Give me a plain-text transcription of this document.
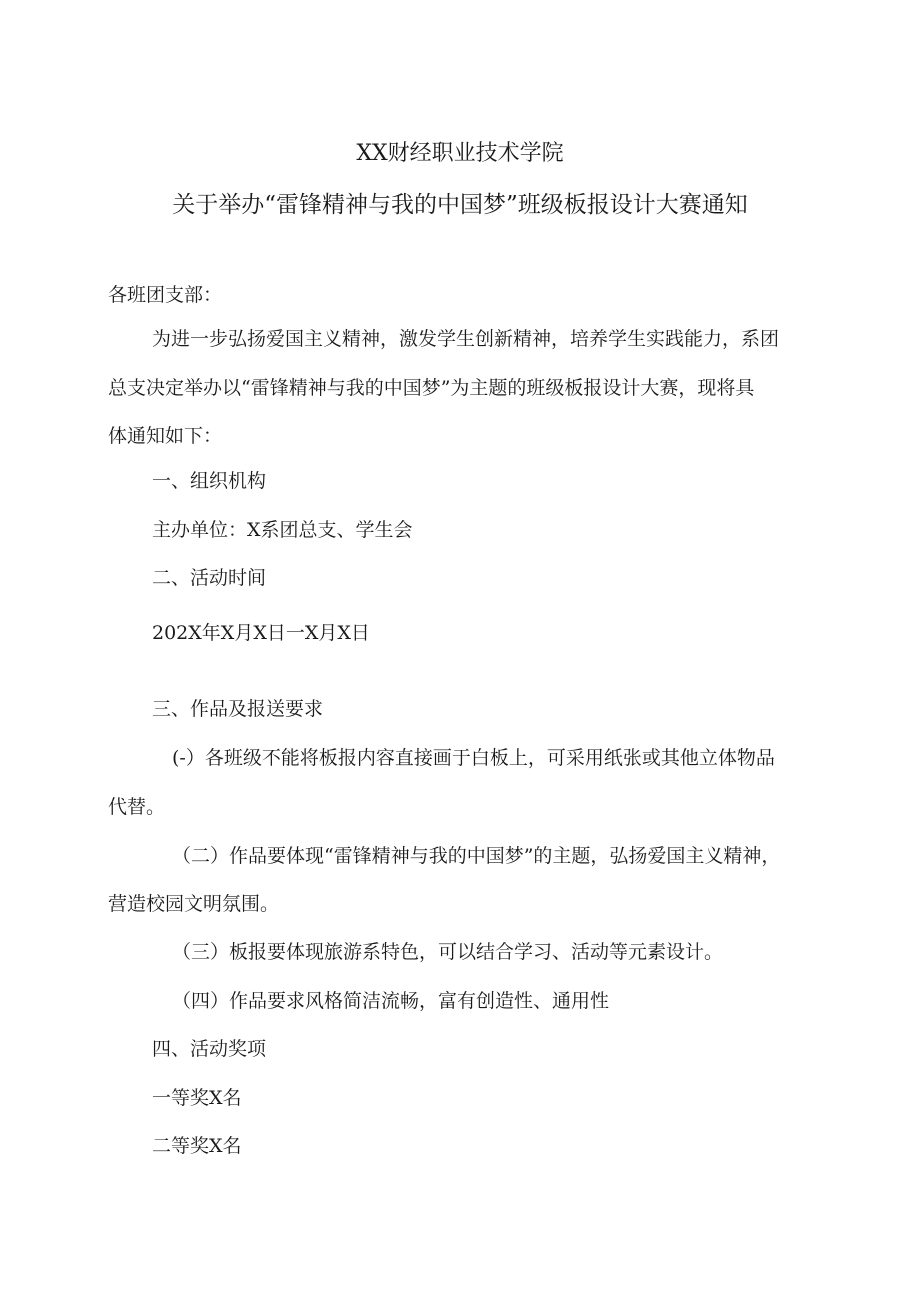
XX财经职业技术学院
关于举办“雷锋精神与我的中国梦”班级板报设计大赛通知
各班团支部：
为进一步弘扬爱国主义精神，激发学生创新精神，培养学生实践能力，系团
总支决定举办以“雷锋精神与我的中国梦”为主题的班级板报设计大赛，现将具
体通知如下：
一、组织机构
主办单位：X系团总支、学生会
二、活动时间
202X年X月X日一X月X日
三、作品及报送要求
(-）各班级不能将板报内容直接画于白板上，可采用纸张或其他立体物品
代替。
（二）作品要体现“雷锋精神与我的中国梦”的主题，弘扬爱国主义精神，
营造校园文明氛围。
（三）板报要体现旅游系特色，可以结合学习、活动等元素设计。
（四）作品要求风格简洁流畅，富有创造性、通用性
四、活动奖项
一等奖X名
二等奖X名
